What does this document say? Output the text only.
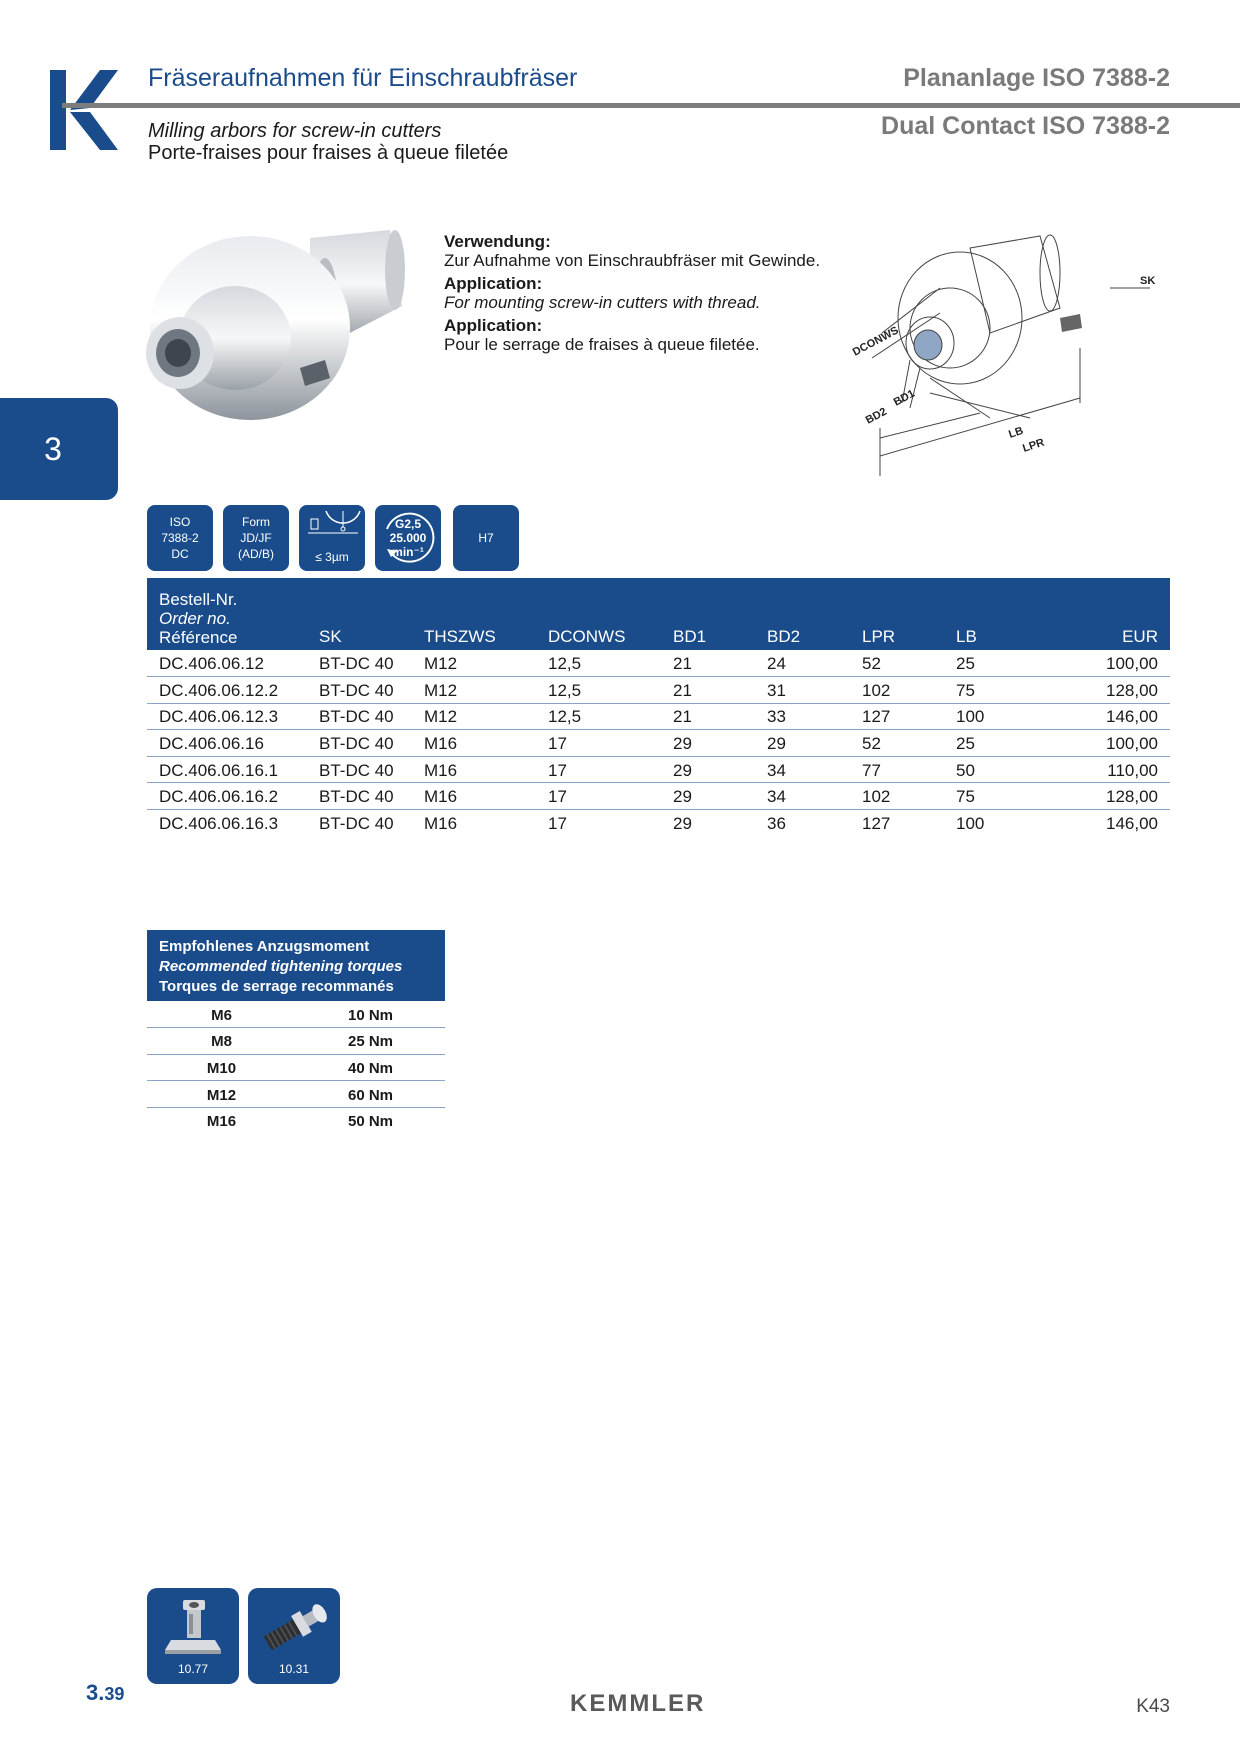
Fräseraufnahmen für Einschraubfräser	Plananlage ISO 7388-2
Milling arbors for screw-in cutters
Porte-fraises pour fraises à queue filetée
Dual Contact ISO 7388-2
3
Verwendung:
Zur Aufnahme von Einschraubfräser mit Gewinde.
Application:
For mounting screw-in cutters with thread.
Application:
Pour le serrage de fraises à queue filetée.	DCONWS
SK
BD2
BD1
LB
LPR
ISO
7388-2
DC
Form
JD/JF
(AD/B)	≤ 3µm
G2,5
25.000
min⁻¹
H7
Bestell-Nr.
Order no.
Référence	SK	THSZWS	DCONWS	BD1	BD2	LPR	LB	EUR
DC.406.06.12	BT-DC 40	M12	12,5	21	24	52	25	100,00
DC.406.06.12.2	BT-DC 40	M12	12,5	21	31	102	75	128,00
DC.406.06.12.3	BT-DC 40	M12	12,5	21	33	127	100	146,00
DC.406.06.16	BT-DC 40	M16	17	29	29	52	25	100,00
DC.406.06.16.1	BT-DC 40	M16	17	29	34	77	50	110,00
DC.406.06.16.2	BT-DC 40	M16	17	29	34	102	75	128,00
DC.406.06.16.3	BT-DC 40	M16	17	29	36	127	100	146,00
Empfohlenes Anzugsmoment
Recommended tightening torques
Torques de serrage recommanés	

M6	10 Nm
M8	25 Nm
M10	40 Nm
M12	60 Nm
M16	50 Nm
10.77	10.31
3.39	KEMMLER	K43
